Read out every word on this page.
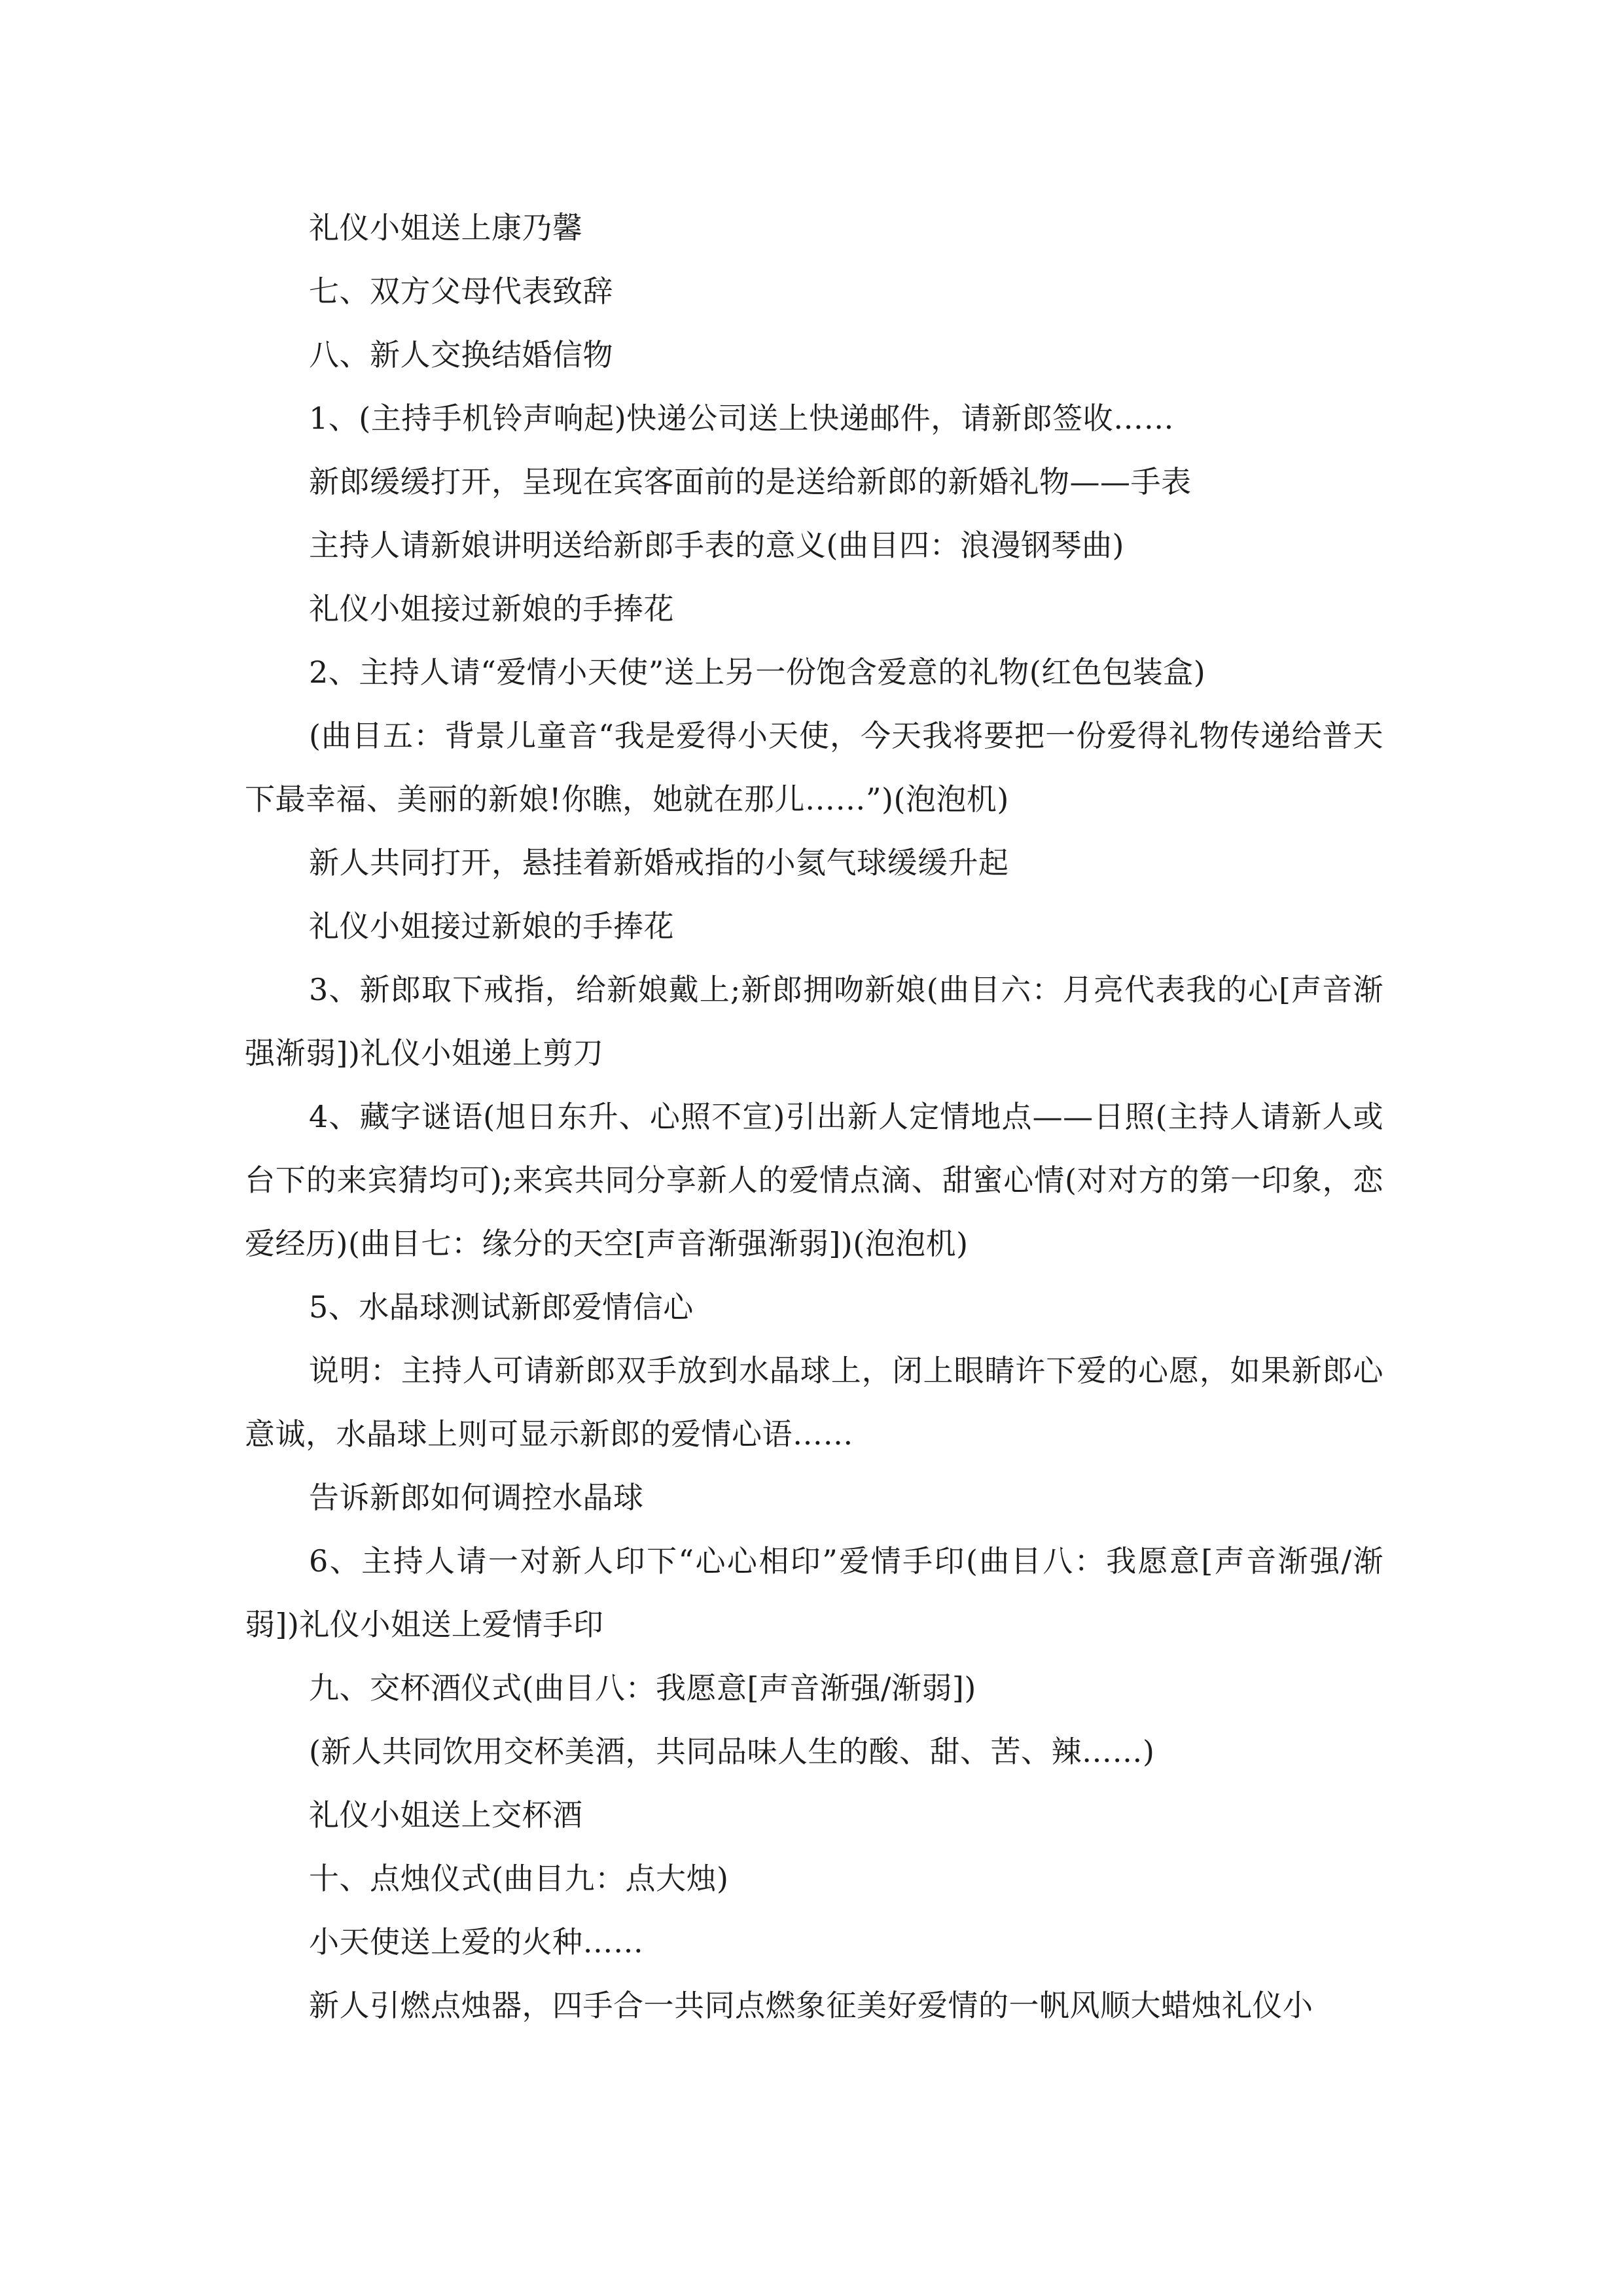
礼仪小姐送上康乃馨

七、双方父母代表致辞

八、新人交换结婚信物

1、(主持手机铃声响起)快递公司送上快递邮件，请新郎签收……

新郎缓缓打开，呈现在宾客面前的是送给新郎的新婚礼物——手表

主持人请新娘讲明送给新郎手表的意义(曲目四：浪漫钢琴曲)

礼仪小姐接过新娘的手捧花

2、主持人请“爱情小天使”送上另一份饱含爱意的礼物(红色包装盒)

(曲目五：背景儿童音“我是爱得小天使，今天我将要把一份爱得礼物传递给普天下最幸福、美丽的新娘!你瞧，她就在那儿……”)(泡泡机)

新人共同打开，悬挂着新婚戒指的小氦气球缓缓升起

礼仪小姐接过新娘的手捧花

3、新郎取下戒指，给新娘戴上;新郎拥吻新娘(曲目六：月亮代表我的心[声音渐强渐弱])礼仪小姐递上剪刀

4、藏字谜语(旭日东升、心照不宣)引出新人定情地点——日照(主持人请新人或台下的来宾猜均可);来宾共同分享新人的爱情点滴、甜蜜心情(对对方的第一印象，恋爱经历)(曲目七：缘分的天空[声音渐强渐弱])(泡泡机)

5、水晶球测试新郎爱情信心

说明：主持人可请新郎双手放到水晶球上，闭上眼睛许下爱的心愿，如果新郎心意诚，水晶球上则可显示新郎的爱情心语……

告诉新郎如何调控水晶球

6、主持人请一对新人印下“心心相印”爱情手印(曲目八：我愿意[声音渐强/渐弱])礼仪小姐送上爱情手印

九、交杯酒仪式(曲目八：我愿意[声音渐强/渐弱])

(新人共同饮用交杯美酒，共同品味人生的酸、甜、苦、辣……)

礼仪小姐送上交杯酒

十、点烛仪式(曲目九：点大烛)

小天使送上爱的火种……

新人引燃点烛器，四手合一共同点燃象征美好爱情的一帆风顺大蜡烛礼仪小
